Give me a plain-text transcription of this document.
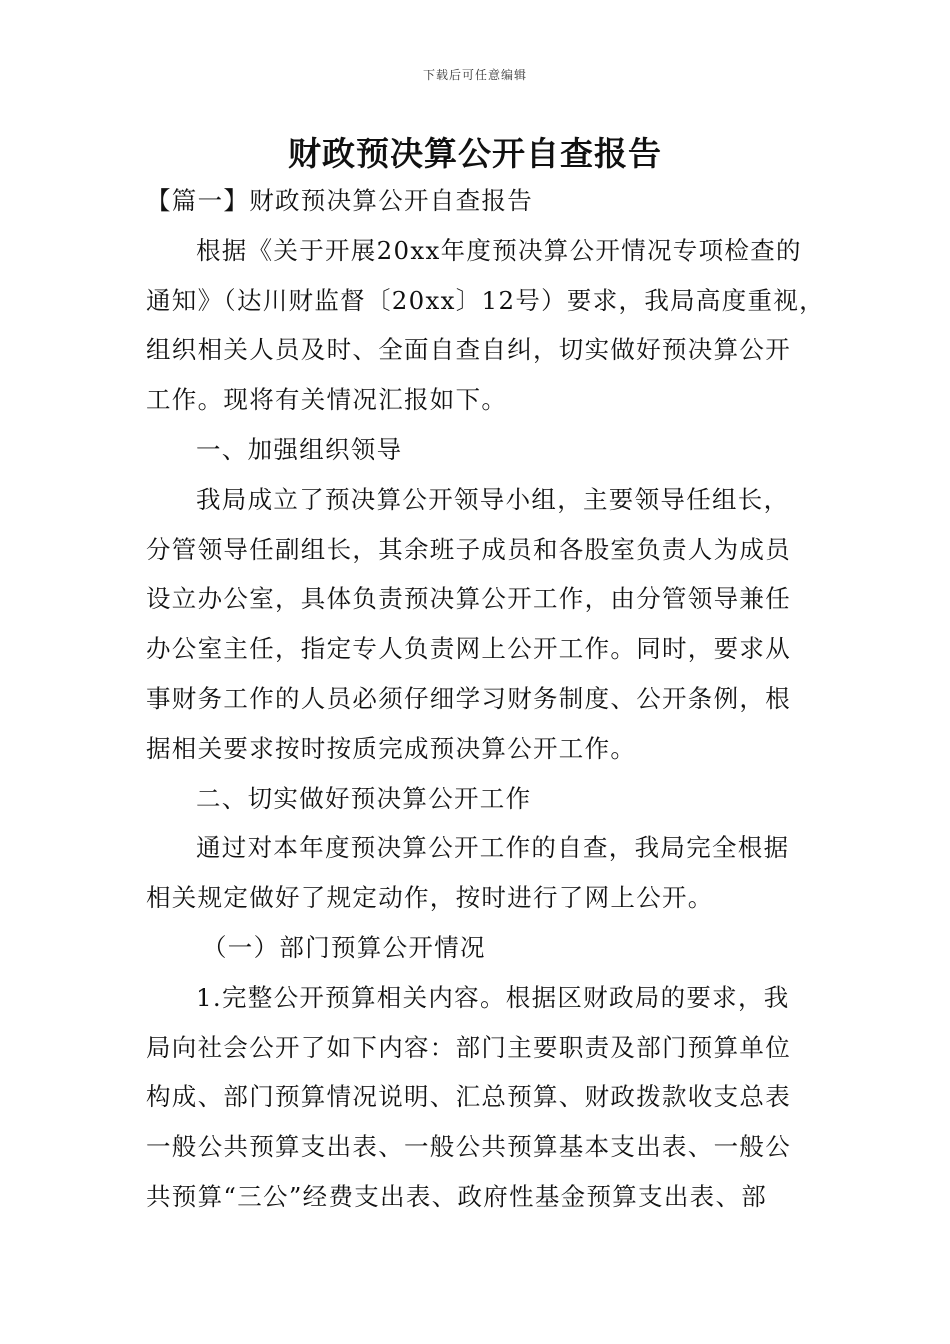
下载后可任意编辑
财政预决算公开自查报告
【篇一】财政预决算公开自查报告
根据《关于开展20xx年度预决算公开情况专项检查的
通知》（达川财监督〔20xx〕12号）要求，我局高度重视，
组织相关人员及时、全面自查自纠，切实做好预决算公开
工作。现将有关情况汇报如下。
一、加强组织领导
我局成立了预决算公开领导小组，主要领导任组长，
分管领导任副组长，其余班子成员和各股室负责人为成员
设立办公室，具体负责预决算公开工作，由分管领导兼任
办公室主任，指定专人负责网上公开工作。同时，要求从
事财务工作的人员必须仔细学习财务制度、公开条例，根
据相关要求按时按质完成预决算公开工作。
二、切实做好预决算公开工作
通过对本年度预决算公开工作的自查，我局完全根据
相关规定做好了规定动作，按时进行了网上公开。
（一）部门预算公开情况
1.完整公开预算相关内容。根据区财政局的要求，我
局向社会公开了如下内容：部门主要职责及部门预算单位
构成、部门预算情况说明、汇总预算、财政拨款收支总表
一般公共预算支出表、一般公共预算基本支出表、一般公
共预算“三公”经费支出表、政府性基金预算支出表、部
